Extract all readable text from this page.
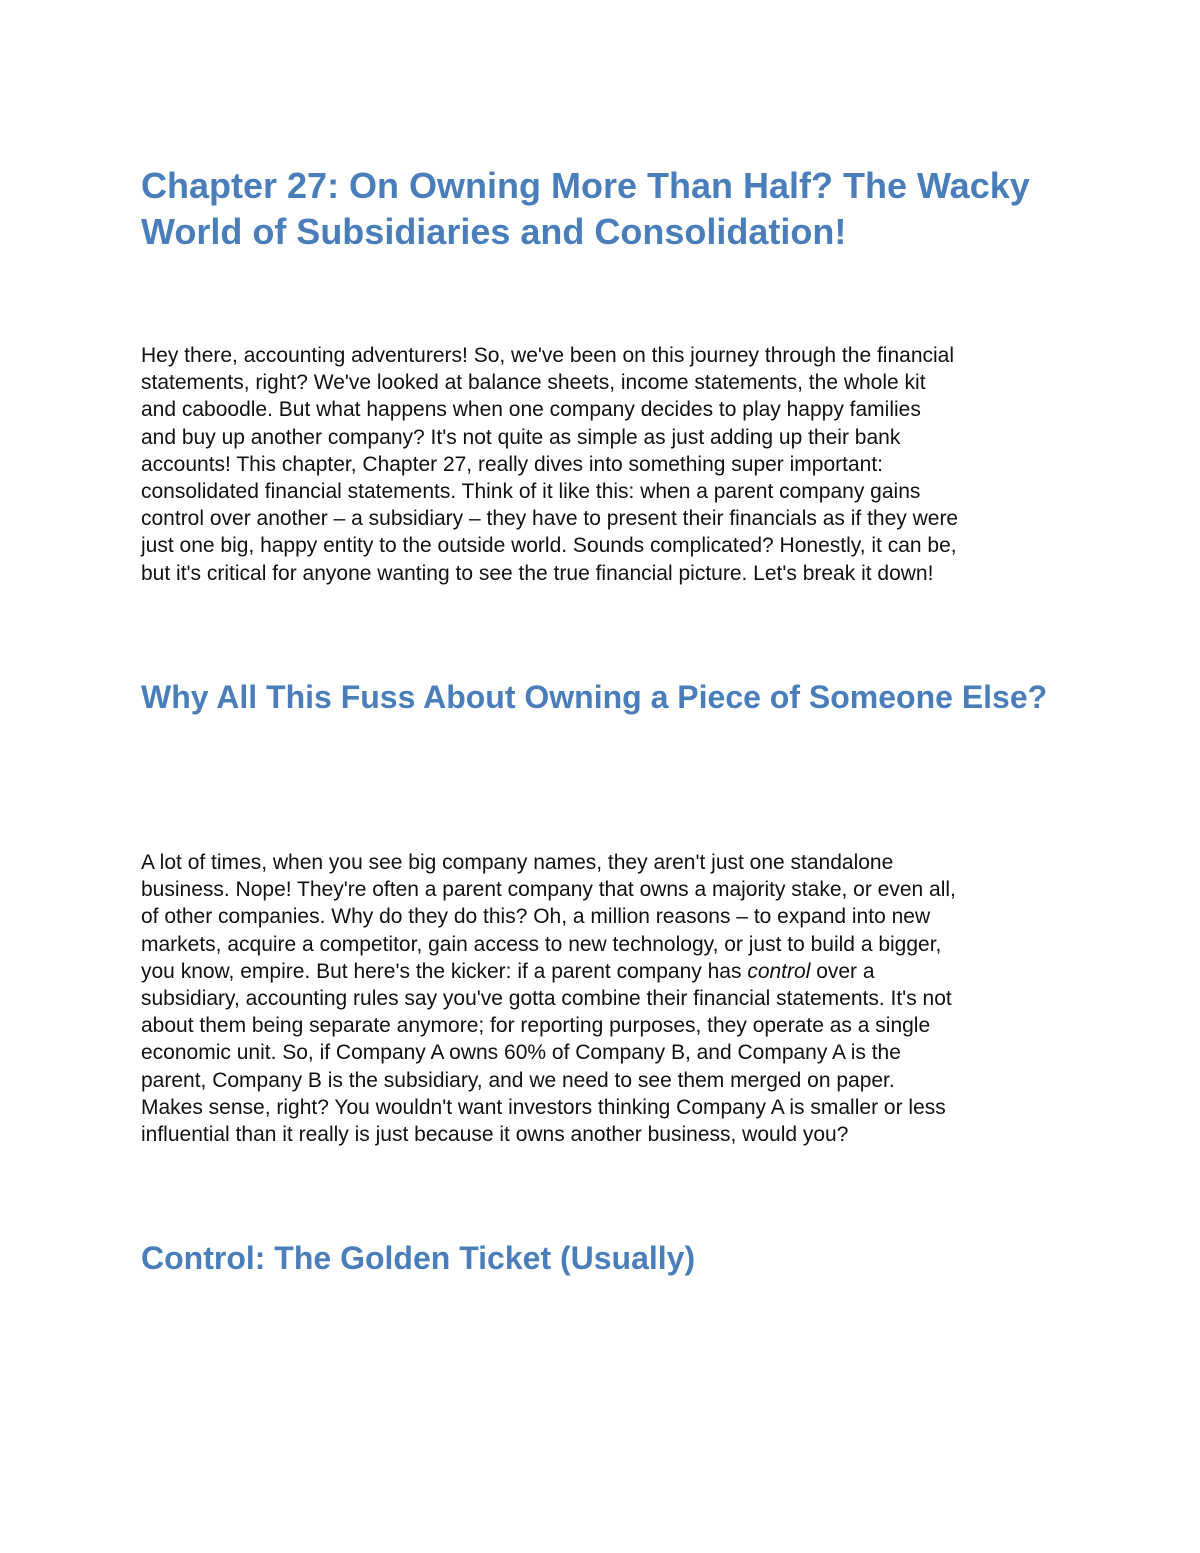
Chapter 27: On Owning More Than Half? The Wacky World of Subsidiaries and Consolidation!

Hey there, accounting adventurers! So, we've been on this journey through the financial
statements, right? We've looked at balance sheets, income statements, the whole kit
and caboodle. But what happens when one company decides to play happy families
and buy up another company? It's not quite as simple as just adding up their bank
accounts! This chapter, Chapter 27, really dives into something super important:
consolidated financial statements. Think of it like this: when a parent company gains
control over another – a subsidiary – they have to present their financials as if they were
just one big, happy entity to the outside world. Sounds complicated? Honestly, it can be,
but it's critical for anyone wanting to see the true financial picture. Let's break it down!

Why All This Fuss About Owning a Piece of Someone Else?

A lot of times, when you see big company names, they aren't just one standalone
business. Nope! They're often a parent company that owns a majority stake, or even all,
of other companies. Why do they do this? Oh, a million reasons – to expand into new
markets, acquire a competitor, gain access to new technology, or just to build a bigger,
you know, empire. But here's the kicker: if a parent company has control over a
subsidiary, accounting rules say you've gotta combine their financial statements. It's not
about them being separate anymore; for reporting purposes, they operate as a single
economic unit. So, if Company A owns 60% of Company B, and Company A is the
parent, Company B is the subsidiary, and we need to see them merged on paper.
Makes sense, right? You wouldn't want investors thinking Company A is smaller or less
influential than it really is just because it owns another business, would you?

Control: The Golden Ticket (Usually)
